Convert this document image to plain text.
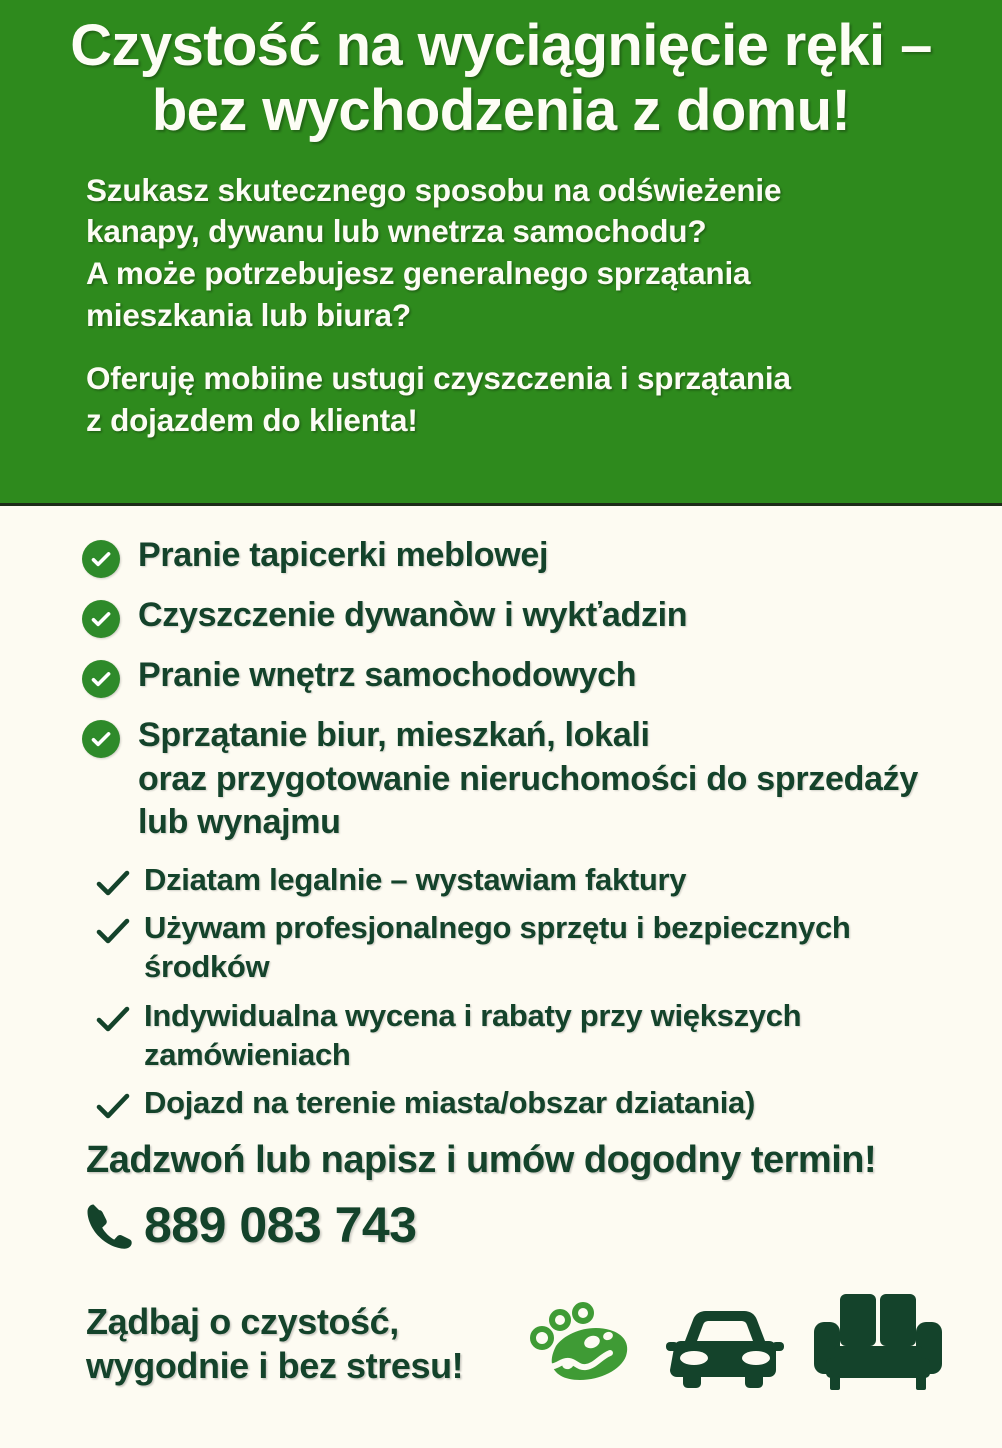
Czystość na wyciągnięcie ręki –
bez wychodzenia z domu!

Szukasz skutecznego sposobu na odświeżenie
kanapy, dywanu lub wnetrza samochodu?
A może potrzebujesz generalnego sprzątania
mieszkania lub biura?

Oferuję mobiine ustugi czyszczenia i sprzątania
z dojazdem do klienta!

Pranie tapicerki meblowej
Czyszczenie dywanòw i wykťadzin
Pranie wnętrz samochodowych
Sprzątanie biur, mieszkań, lokali
oraz przygotowanie nieruchomości do sprzedaźy
lub wynajmu
Dziatam legalnie – wystawiam faktury
Używam profesjonalnego sprzętu i bezpiecznych
środków
Indywidualna wycena i rabaty przy większych
zamówieniach
Dojazd na terenie miasta/obszar dziatania)
Zadzwoń lub napisz i umów dogodny termin!
889 083 743
Ządbaj o czystość,
wygodnie i bez stresu!
